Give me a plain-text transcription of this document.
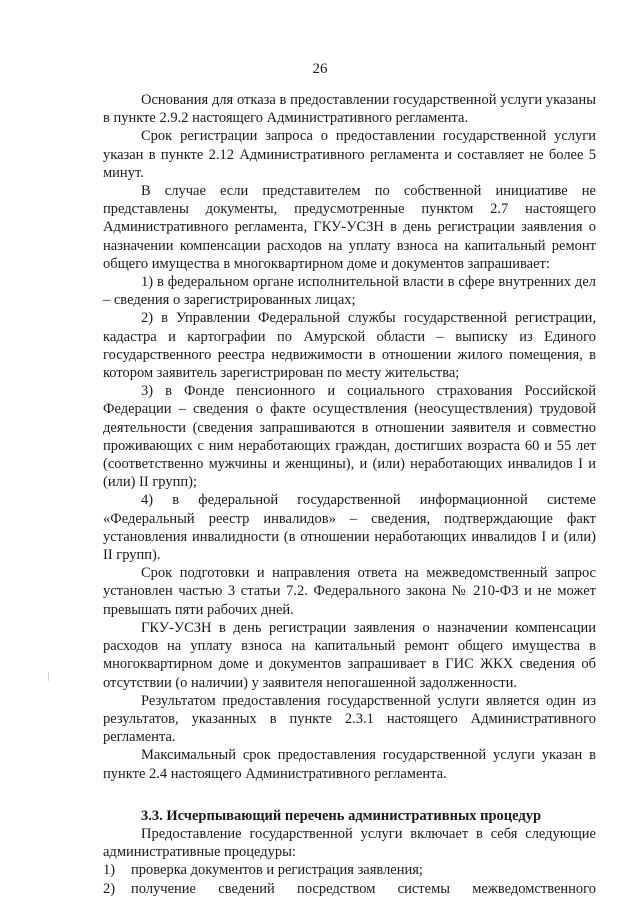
26

Основания для отказа в предоставлении государственной услуги указаны в пункте 2.9.2 настоящего Административного регламента.

Срок регистрации запроса о предоставлении государственной услуги указан в пункте 2.12 Административного регламента и составляет не более 5 минут.

В случае если представителем по собственной инициативе не представлены документы, предусмотренные пунктом 2.7 настоящего Административного регламента, ГКУ-УСЗН в день регистрации заявления о назначении компенсации расходов на уплату взноса на капитальный ремонт общего имущества в многоквартирном доме и документов запрашивает:

1) в федеральном органе исполнительной власти в сфере внутренних дел – сведения о зарегистрированных лицах;

2) в Управлении Федеральной службы государственной регистрации, кадастра и картографии по Амурской области – выписку из Единого государственного реестра недвижимости в отношении жилого помещения, в котором заявитель зарегистрирован по месту жительства;

3) в Фонде пенсионного и социального страхования Российской Федерации – сведения о факте осуществления (неосуществления) трудовой деятельности (сведения запрашиваются в отношении заявителя и совместно проживающих с ним неработающих граждан, достигших возраста 60 и 55 лет (соответственно мужчины и женщины), и (или) неработающих инвалидов I и (или) II групп);

4) в федеральной государственной информационной системе «Федеральный реестр инвалидов» – сведения, подтверждающие факт установления инвалидности (в отношении неработающих инвалидов I и (или) II групп).

Срок подготовки и направления ответа на межведомственный запрос установлен частью 3 статьи 7.2. Федерального закона № 210-ФЗ и не может превышать пяти рабочих дней.

ГКУ-УСЗН в день регистрации заявления о назначении компенсации расходов на уплату взноса на капитальный ремонт общего имущества в многоквартирном доме и документов запрашивает в ГИС ЖКХ сведения об отсутствии (о наличии) у заявителя непогашенной задолженности.

Результатом предоставления государственной услуги является один из результатов, указанных в пункте 2.3.1 настоящего Административного регламента.

Максимальный срок предоставления государственной услуги указан в пункте 2.4 настоящего Административного регламента.

3.3. Исчерпывающий перечень административных процедур

Предоставление государственной услуги включает в себя следующие административные процедуры:

1)	проверка документов и регистрация заявления;

2)	получение сведений посредством системы межведомственного
